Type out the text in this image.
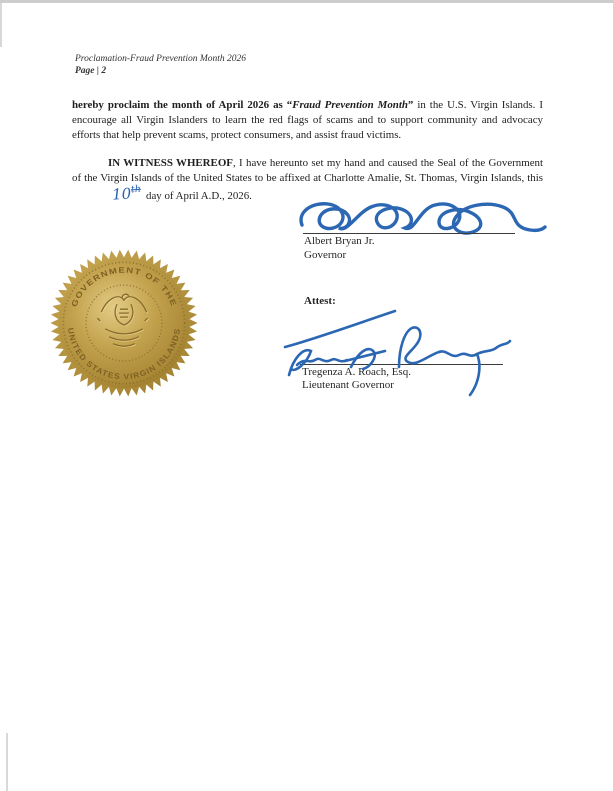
Proclamation-Fraud Prevention Month 2026
Page | 2

hereby proclaim the month of April 2026 as “Fraud Prevention Month” in the U.S. Virgin Islands. I encourage all Virgin Islanders to learn the red flags of scams and to support community and advocacy efforts that help prevent scams, protect consumers, and assist fraud victims.

IN WITNESS WHEREOF, I have hereunto set my hand and caused the Seal of the Government of the Virgin Islands of the United States to be affixed at Charlotte Amalie, St. Thomas, Virgin Islands, this10thday of April A.D., 2026.

Albert Bryan Jr.
Governor
GOVERNMENT OF THE
UNITED STATES VIRGIN ISLANDS
Attest:
Tregenza A. Roach, Esq.
Lieutenant Governor
